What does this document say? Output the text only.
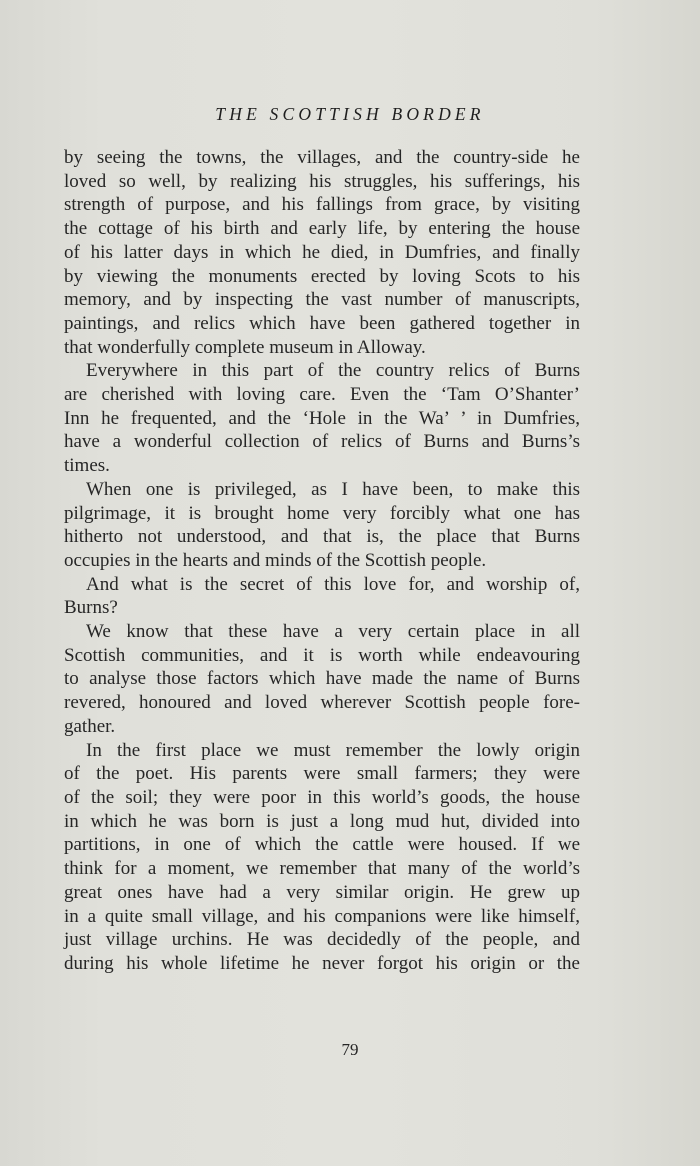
THE SCOTTISH BORDER

by seeing the towns, the villages, and the country-side he
loved so well, by realizing his struggles, his sufferings, his
strength of purpose, and his fallings from grace, by visiting
the cottage of his birth and early life, by entering the house
of his latter days in which he died, in Dumfries, and finally
by viewing the monuments erected by loving Scots to his
memory, and by inspecting the vast number of manuscripts,
paintings, and relics which have been gathered together in
that wonderfully complete museum in Alloway.

Everywhere in this part of the country relics of Burns
are cherished with loving care. Even the ‘Tam O’Shanter’
Inn he frequented, and the ‘Hole in the Wa’ ’ in Dumfries,
have a wonderful collection of relics of Burns and Burns’s
times.

When one is privileged, as I have been, to make this
pilgrimage, it is brought home very forcibly what one has
hitherto not understood, and that is, the place that Burns
occupies in the hearts and minds of the Scottish people.

And what is the secret of this love for, and worship of,
Burns?

We know that these have a very certain place in all
Scottish communities, and it is worth while endeavouring
to analyse those factors which have made the name of Burns
revered, honoured and loved wherever Scottish people fore-
gather.

In the first place we must remember the lowly origin
of the poet. His parents were small farmers; they were
of the soil; they were poor in this world’s goods, the house
in which he was born is just a long mud hut, divided into
partitions, in one of which the cattle were housed. If we
think for a moment, we remember that many of the world’s
great ones have had a very similar origin. He grew up
in a quite small village, and his companions were like himself,
just village urchins. He was decidedly of the people, and
during his whole lifetime he never forgot his origin or the

79
